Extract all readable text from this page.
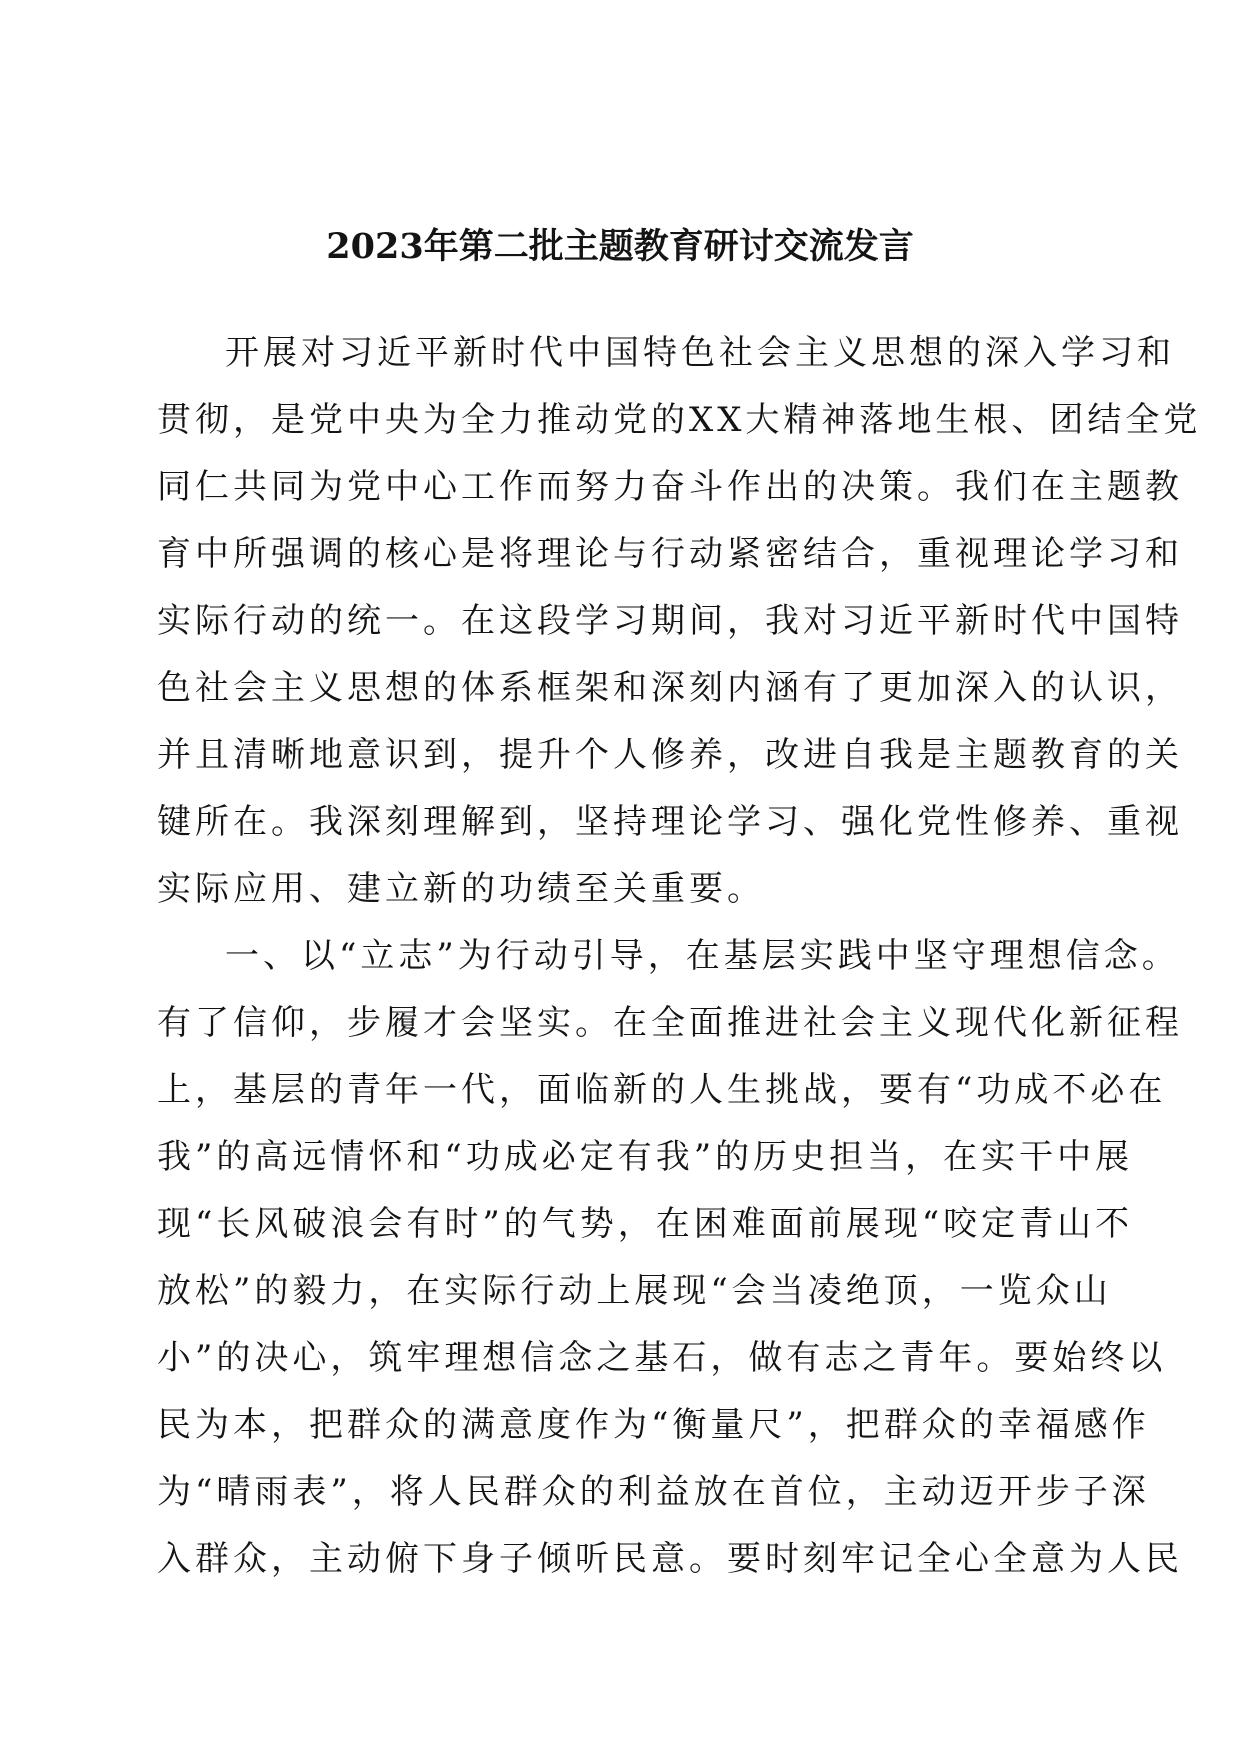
2023年第二批主题教育研讨交流发言

开展对习近平新时代中国特色社会主义思想的深入学习和

贯彻，是党中央为全力推动党的XX大精神落地生根、团结全党

同仁共同为党中心工作而努力奋斗作出的决策。我们在主题教

育中所强调的核心是将理论与行动紧密结合，重视理论学习和

实际行动的统一。在这段学习期间，我对习近平新时代中国特

色社会主义思想的体系框架和深刻内涵有了更加深入的认识，

并且清晰地意识到，提升个人修养，改进自我是主题教育的关

键所在。我深刻理解到，坚持理论学习、强化党性修养、重视

实际应用、建立新的功绩至关重要。

一、以“立志”为行动引导，在基层实践中坚守理想信念。

有了信仰，步履才会坚实。在全面推进社会主义现代化新征程

上，基层的青年一代，面临新的人生挑战，要有“功成不必在

我”的高远情怀和“功成必定有我”的历史担当，在实干中展

现“长风破浪会有时”的气势，在困难面前展现“咬定青山不

放松”的毅力，在实际行动上展现“会当凌绝顶，一览众山

小”的决心，筑牢理想信念之基石，做有志之青年。要始终以

民为本，把群众的满意度作为“衡量尺”，把群众的幸福感作

为“晴雨表”，将人民群众的利益放在首位，主动迈开步子深

入群众，主动俯下身子倾听民意。要时刻牢记全心全意为人民
